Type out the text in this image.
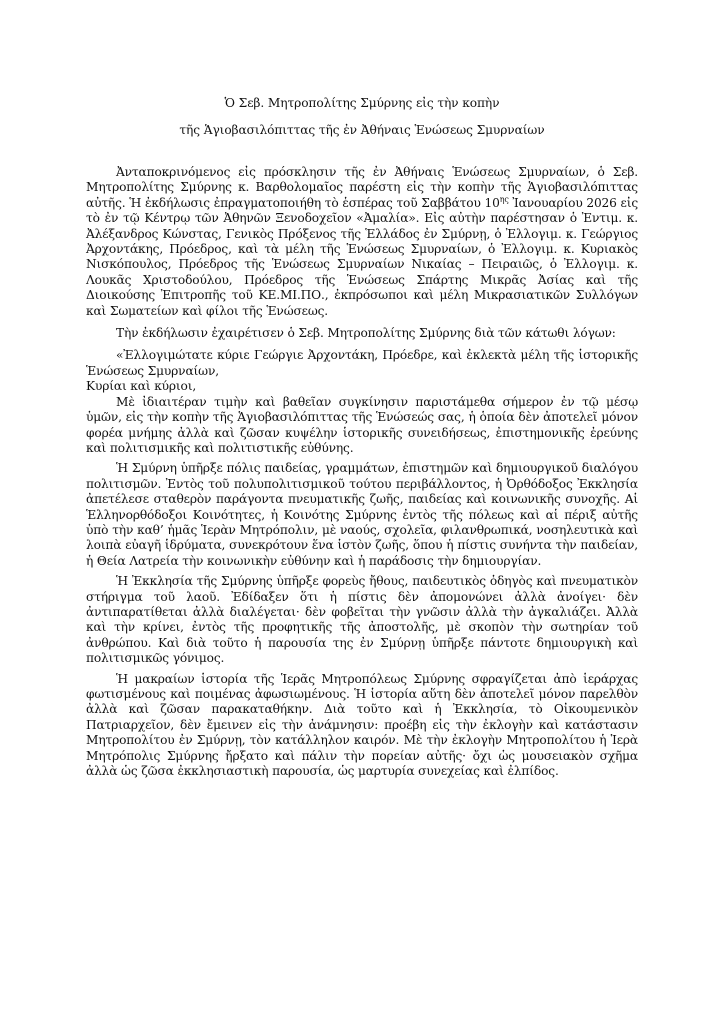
Ὁ Σεβ. Μητροπολίτης Σμύρνης εἰς τὴν κοπὴν

τῆς Ἁγιοβασιλόπιττας τῆς ἐν Ἀθήναις Ἑνώσεως Σμυρναίων

Ἀνταποκρινόμενος εἰς πρόσκλησιν τῆς ἐν Ἀθήναις Ἑνώσεως Σμυρναίων, ὁ Σεβ. Μητροπολίτης Σμύρνης κ. Βαρθολομαῖος παρέστη εἰς τὴν κοπὴν τῆς Ἁγιοβασιλόπιττας αὐτῆς. Ἡ ἐκδήλωσις ἐπραγματοποιήθη τὸ ἑσπέρας τοῦ Σαββάτου $10^{\eta\varsigma}$ Ἰανουαρίου 2026 εἰς τὸ ἐν τῷ Κέντρῳ τῶν Ἀθηνῶν Ξενοδοχεῖον «Ἀμαλία». Εἰς αὐτὴν παρέστησαν ὁ Ἐντιμ. κ. Ἀλέξανδρος Κώνστας, Γενικὸς Πρόξενος τῆς Ἑλλάδος ἐν Σμύρνῃ, ὁ Ἐλλογιμ. κ. Γεώργιος Ἀρχοντάκης, Πρόεδρος, καὶ τὰ μέλη τῆς Ἑνώσεως Σμυρναίων, ὁ Ἐλλογιμ. κ. Κυριακὸς Νισκόπουλος, Πρόεδρος τῆς Ἑνώσεως Σμυρναίων Νικαίας – Πειραιῶς, ὁ Ἐλλογιμ. κ. Λουκᾶς Χριστοδούλου, Πρόεδρος τῆς Ἑνώσεως Σπάρτης Μικρᾶς Ἀσίας καὶ τῆς Διοικούσης Ἐπιτροπῆς τοῦ ΚΕ.ΜΙ.ΠΟ., ἐκπρόσωποι καὶ μέλη Μικρασιατικῶν Συλλόγων καὶ Σωματείων καὶ φίλοι τῆς Ἑνώσεως.

Τὴν ἐκδήλωσιν ἐχαιρέτισεν ὁ Σεβ. Μητροπολίτης Σμύρνης διὰ τῶν κάτωθι λόγων:

«Ἐλλογιμώτατε κύριε Γεώργιε Ἀρχοντάκη, Πρόεδρε, καὶ ἐκλεκτὰ μέλη τῆς ἱστορικῆς Ἑνώσεως Σμυρναίων,

Κυρίαι καὶ κύριοι,

Μὲ ἰδιαιτέραν τιμὴν καὶ βαθεῖαν συγκίνησιν παριστάμεθα σήμερον ἐν τῷ μέσῳ ὑμῶν, εἰς τὴν κοπὴν τῆς Ἁγιοβασιλόπιττας τῆς Ἑνώσεώς σας, ἡ ὁποία δὲν ἀποτελεῖ μόνον φορέα μνήμης ἀλλὰ καὶ ζῶσαν κυψέλην ἱστορικῆς συνειδήσεως, ἐπιστημονικῆς ἐρεύνης καὶ πολιτισμικῆς καὶ πολιτιστικῆς εὐθύνης.

Ἡ Σμύρνη ὑπῆρξε πόλις παιδείας, γραμμάτων, ἐπιστημῶν καὶ δημιουργικοῦ διαλόγου πολιτισμῶν. Ἐντὸς τοῦ πολυπολιτισμικοῦ τούτου περιβάλλοντος, ἡ Ὀρθόδοξος Ἐκκλησία ἀπετέλεσε σταθερὸν παράγοντα πνευματικῆς ζωῆς, παιδείας καὶ κοινωνικῆς συνοχῆς. Αἱ Ἑλληνορθόδοξοι Κοινότητες, ἡ Κοινότης Σμύρνης ἐντὸς τῆς πόλεως καὶ αἱ πέριξ αὐτῆς ὑπὸ τὴν καθ’ ἡμᾶς Ἱερὰν Μητρόπολιν, μὲ ναούς, σχολεῖα, φιλανθρωπικά, νοσηλευτικὰ καὶ λοιπὰ εὐαγῆ ἱδρύματα, συνεκρότουν ἕνα ἱστὸν ζωῆς, ὅπου ἡ πίστις συνήντα τὴν παιδείαν, ἡ Θεία Λατρεία τὴν κοινωνικὴν εὐθύνην καὶ ἡ παράδοσις τὴν δημιουργίαν.

Ἡ Ἐκκλησία τῆς Σμύρνης ὑπῆρξε φορεὺς ἤθους, παιδευτικὸς ὁδηγὸς καὶ πνευματικὸν στήριγμα τοῦ λαοῦ. Ἐδίδαξεν ὅτι ἡ πίστις δὲν ἀπομονώνει ἀλλὰ ἀνοίγει· δὲν ἀντιπαρατίθεται ἀλλὰ διαλέγεται· δὲν φοβεῖται τὴν γνῶσιν ἀλλὰ τὴν ἀγκαλιάζει. Ἀλλὰ καὶ τὴν κρίνει, ἐντὸς τῆς προφητικῆς τῆς ἀποστολῆς, μὲ σκοπὸν τὴν σωτηρίαν τοῦ ἀνθρώπου. Καὶ διὰ τοῦτο ἡ παρουσία της ἐν Σμύρνῃ ὑπῆρξε πάντοτε δημιουργικὴ καὶ πολιτισμικῶς γόνιμος.

Ἡ μακραίων ἱστορία τῆς Ἱερᾶς Μητροπόλεως Σμύρνης σφραγίζεται ἀπὸ ἱεράρχας φωτισμένους καὶ ποιμένας ἀφωσιωμένους. Ἡ ἱστορία αὕτη δὲν ἀποτελεῖ μόνον παρελθὸν ἀλλὰ καὶ ζῶσαν παρακαταθήκην. Διὰ τοῦτο καὶ ἡ Ἐκκλησία, τὸ Οἰκουμενικὸν Πατριαρχεῖον, δὲν ἔμεινεν εἰς τὴν ἀνάμνησιν: προέβη εἰς τὴν ἐκλογὴν καὶ κατάστασιν Μητροπολίτου ἐν Σμύρνῃ, τὸν κατάλληλον καιρόν. Μὲ τὴν ἐκλογὴν Μητροπολίτου ἡ Ἱερὰ Μητρόπολις Σμύρνης ἤρξατο καὶ πάλιν τὴν πορείαν αὐτῆς· ὄχι ὡς μουσειακὸν σχῆμα ἀλλὰ ὡς ζῶσα ἐκκλησιαστικὴ παρουσία, ὡς μαρτυρία συνεχείας καὶ ἐλπίδος.
